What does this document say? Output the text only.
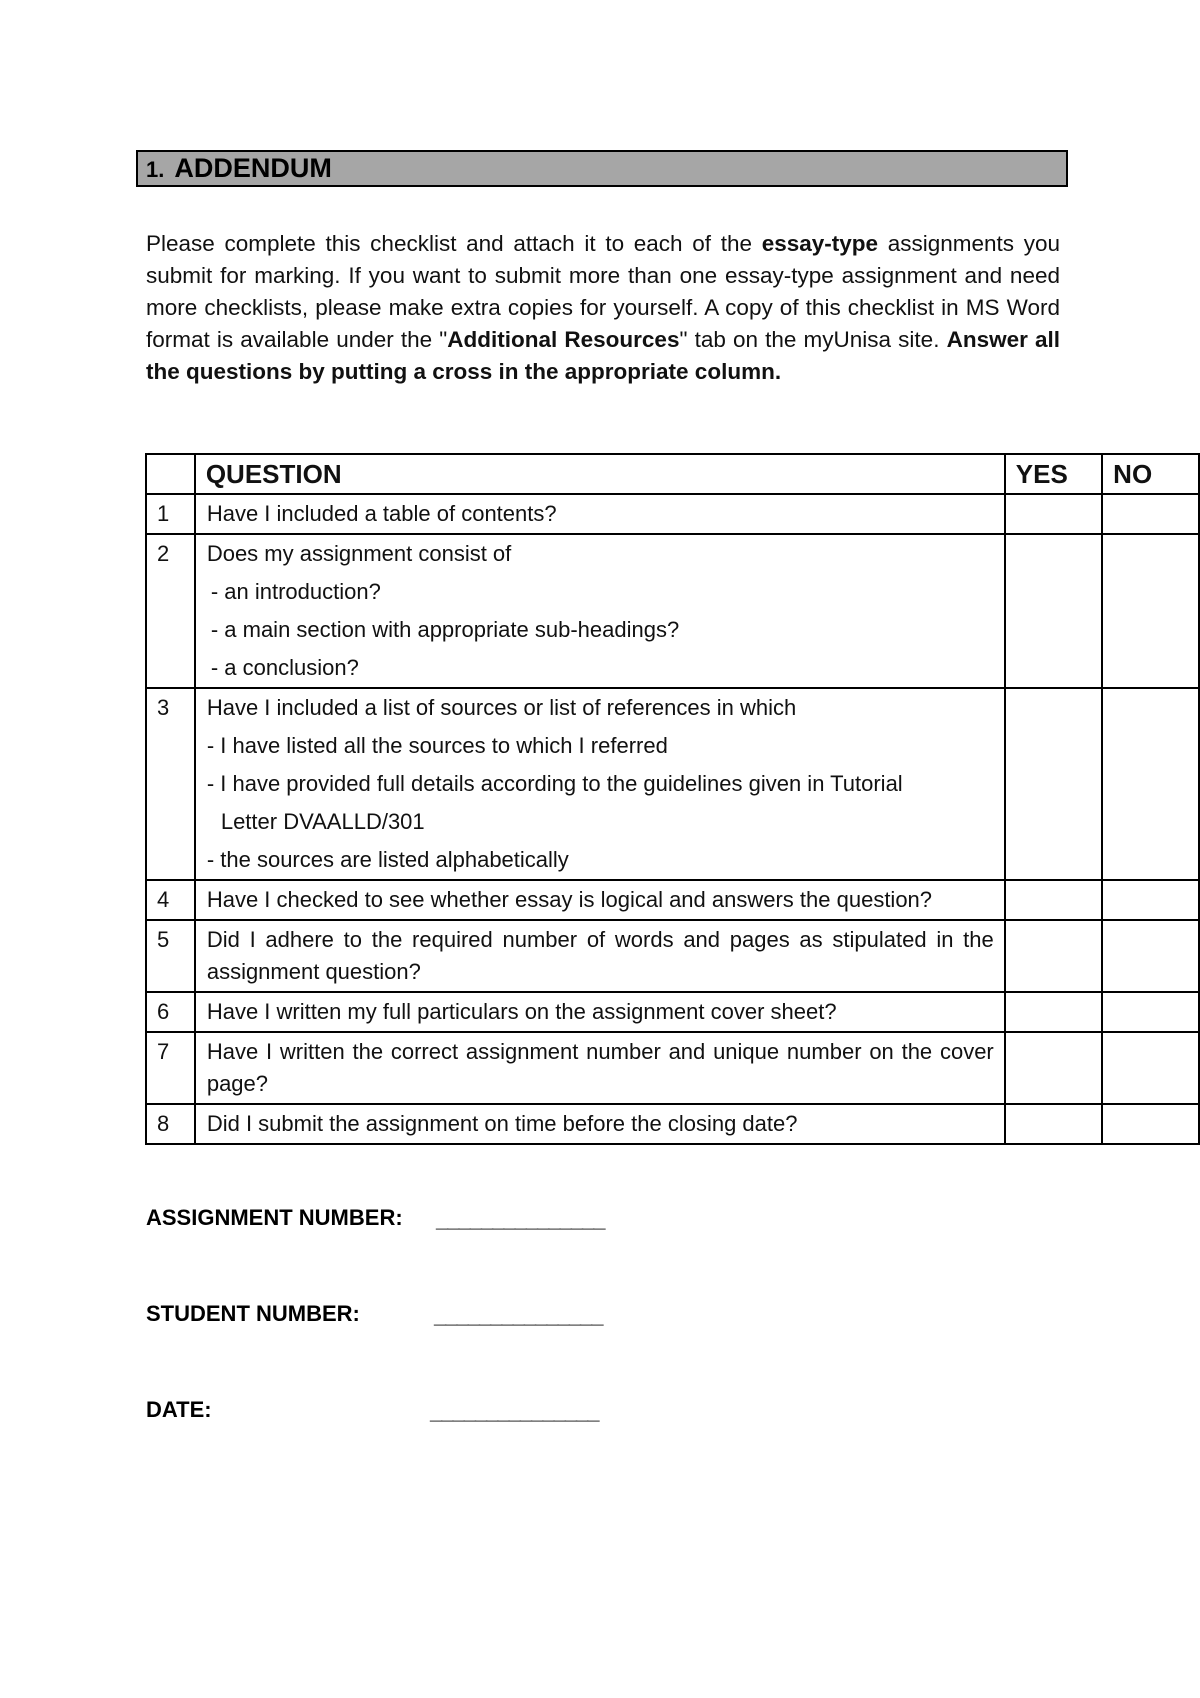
1. ADDENDUM
Please complete this checklist and attach it to each of the essay-type assignments you submit for marking. If you want to submit more than one essay-type assignment and need more checklists, please make extra copies for yourself. A copy of this checklist in MS Word format is available under the "Additional Resources" tab on the myUnisa site. Answer all the questions by putting a cross in the appropriate column.
	QUESTION	YES	NO

1	Have I included a table of contents?		

2	Does my assignment consist of
- an introduction?
- a main section with appropriate sub-headings?
- a conclusion?		

3	Have I included a list of sources or list of references in which
- I have listed all the sources to which I referred
- I have provided full details according to the guidelines given in Tutorial
Letter DVAALLD/301
- the sources are listed alphabetically		

4	Have I checked to see whether essay is logical and answers the question?		

5	Did I adhere to the required number of words and pages as stipulated in the assignment question?		

6	Have I written my full particulars on the assignment cover sheet?		

7	Have I written the correct assignment number and unique number on the cover page?		

8	Did I submit the assignment on time before the closing date?		

ASSIGNMENT NUMBER: _______________
STUDENT NUMBER:	_______________
DATE:	_______________
